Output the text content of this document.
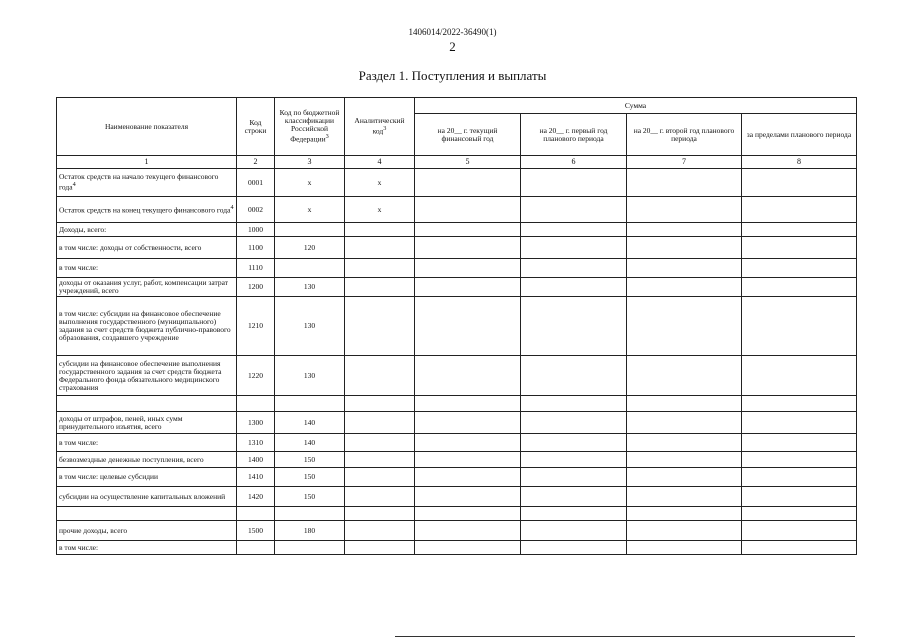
1406014/2022-36490(1)
2
Раздел 1. Поступления и выплаты
Наименование показателя	Код строки	Код по бюджетной классификации Российской Федерации$^3$	Аналитический код$^3$	Сумма			
				на 20__ г. текущий финансовый год	на 20__ г. первый год планового периода	на 20__ г. второй год планового периода	за пределами планового периода
1	2	3	4	5	6	7	8
Остаток средств на начало текущего финансового года$^4$	0001	x	x				
Остаток средств на конец текущего финансового года$^4$	0002	x	x				
Доходы, всего:	1000						
в том числе: доходы от собственности, всего	1100	120					
в том числе:	1110						
доходы от оказания услуг, работ, компенсации затрат учреждений, всего	1200	130					
в том числе: субсидии на финансовое обеспечение выполнения государственного (муниципального) задания за счет средств бюджета публично-правового образования, создавшего учреждение	1210	130					
субсидии на финансовое обеспечение выполнения государственного задания за счет средств бюджета Федерального фонда обязательного медицинского страхования	1220	130					

доходы от штрафов, пеней, иных сумм принудительного изъятия, всего	1300	140					
в том числе:	1310	140					
безвозмездные денежные поступления, всего	1400	150					
в том числе: целевые субсидии	1410	150					
субсидии на осуществление капитальных вложений	1420	150					

прочие доходы, всего	1500	180					
в том числе:							
